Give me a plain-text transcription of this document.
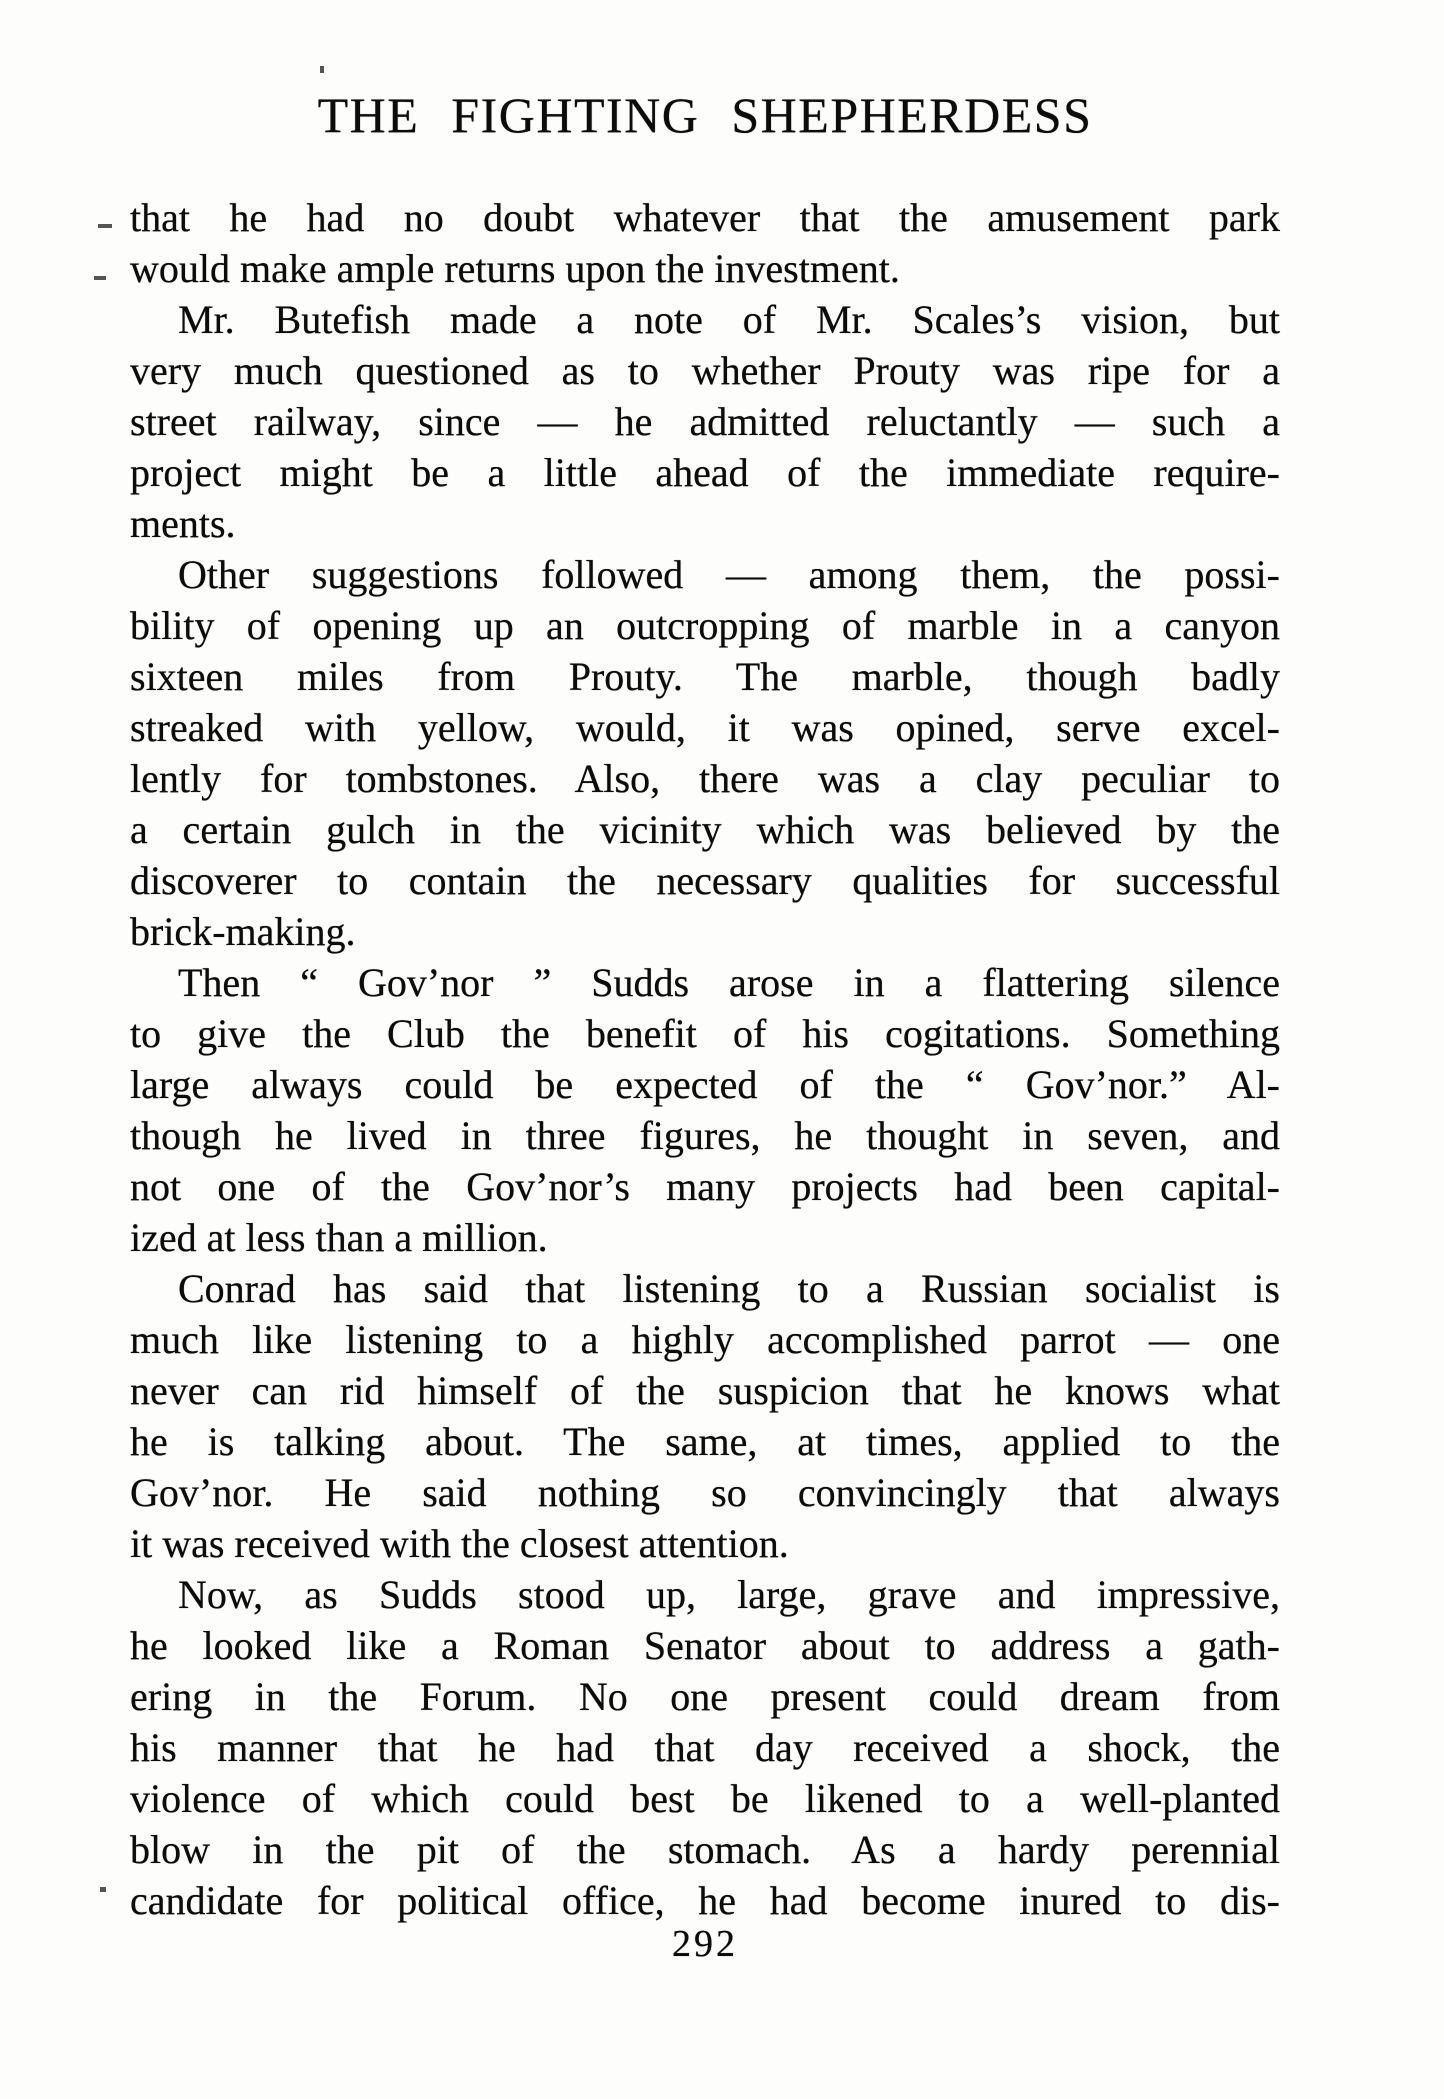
THE FIGHTING SHEPHERDESS
that he had no doubt whatever that the amusement park
would make ample returns upon the investment.
Mr. Butefish made a note of Mr. Scales’s vision, but
very much questioned as to whether Prouty was ripe for a
street railway, since — he admitted reluctantly — such a
project might be a little ahead of the immediate require-
ments.
Other suggestions followed — among them, the possi-
bility of opening up an outcropping of marble in a canyon
sixteen miles from Prouty. The marble, though badly
streaked with yellow, would, it was opined, serve excel-
lently for tombstones. Also, there was a clay peculiar to
a certain gulch in the vicinity which was believed by the
discoverer to contain the necessary qualities for successful
brick-making.
Then “ Gov’nor ” Sudds arose in a flattering silence
to give the Club the benefit of his cogitations. Something
large always could be expected of the “ Gov’nor.” Al-
though he lived in three figures, he thought in seven, and
not one of the Gov’nor’s many projects had been capital-
ized at less than a million.
Conrad has said that listening to a Russian socialist is
much like listening to a highly accomplished parrot — one
never can rid himself of the suspicion that he knows what
he is talking about. The same, at times, applied to the
Gov’nor. He said nothing so convincingly that always
it was received with the closest attention.
Now, as Sudds stood up, large, grave and impressive,
he looked like a Roman Senator about to address a gath-
ering in the Forum. No one present could dream from
his manner that he had that day received a shock, the
violence of which could best be likened to a well-planted
blow in the pit of the stomach. As a hardy perennial
candidate for political office, he had become inured to dis-
292
